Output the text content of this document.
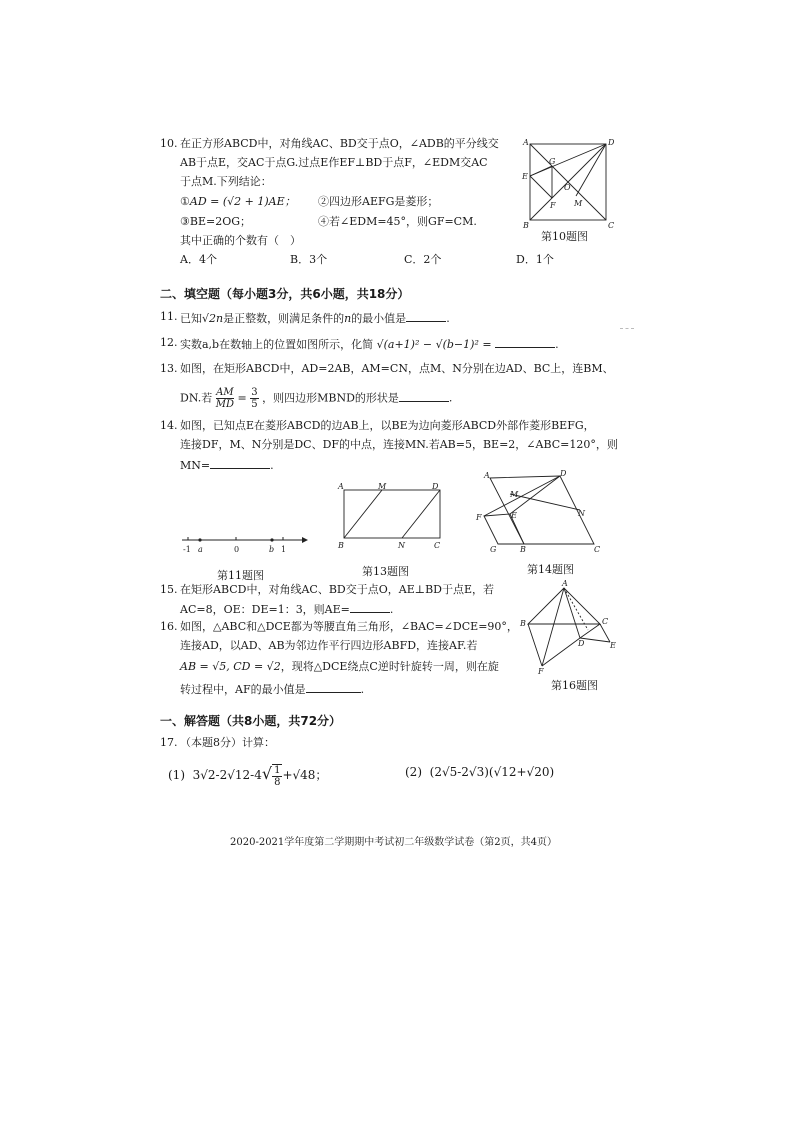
10. 在正方形ABCD中，对角线AC、BD交于点O，∠ADB的平分线交
AB于点E，交AC于点G.过点E作EF⊥BD于点F，∠EDM交AC
于点M.下列结论：
①AD = (√2 + 1)AE； ②四边形AEFG是菱形；
③BE=2OG；	④若∠EDM=45°，则GF=CM.
其中正确的个数有（　）
A．4个	B．3个	C．2个	D．1个
A	D
E
G
O
F M
B	C
第10题图
二、填空题（每小题3分，共6小题，共18分）
11. 已知√2n是正整数，则满足条件的n的最小值是	.
12. 实数a,b在数轴上的位置如图所示，化简 √(a+1)² − √(b−1)² =	.
13. 如图，在矩形ABCD中，AD=2AB，AM=CN，点M、N分别在边AD、BC上，连BM、
DN.若 $\frac{AM}{MD} = \frac{3}{5}$ ，则四边形MBND的形状是	.
14. 如图，已知点E在菱形ABCD的边AB上，以BE为边向菱形ABCD外部作菱形BEFG，
连接DF，M、N分别是DC、DF的中点，连接MN.若AB=5，BE=2，∠ABC=120°，则
MN=	.
-1 a	0	b 1
第11题图
A	M	D
B	N	C
第13题图
A	D
M
N
F	E
G	B	C
第14题图
15. 在矩形ABCD中，对角线AC、BD交于点O，AE⊥BD于点E，若
AC=8，OE：DE=1：3，则AE=	.
16. 如图，△ABC和△DCE都为等腰直角三角形，∠BAC=∠DCE=90°，
连接AD，以AD、AB为邻边作平行四边形ABFD，连接AF.若
AB = √5, CD = √2，现将△DCE绕点C逆时针旋转一周，则在旋
转过程中，AF的最小值是	.
A
B	C
D	E
F
第16题图
一、解答题（共8小题，共72分）
17. （本题8分）计算：
(1) $3√2-2√12-4√ \frac{1}{8} +√48$；	(2) (2√5-2√3)(√12+√20)
2020-2021学年度第二学期期中考试初二年级数学试卷（第2页，共4页）
